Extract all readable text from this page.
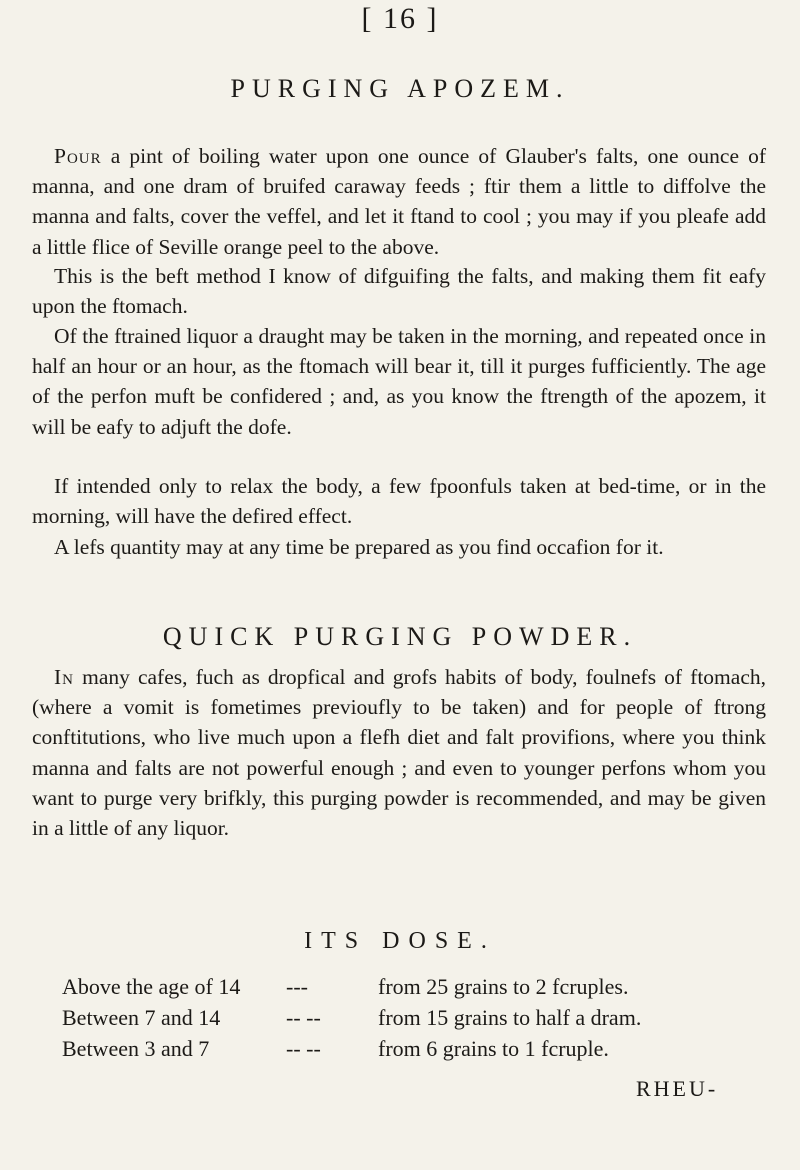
[ 16 ]
PURGING APOZEM.

Pour a pint of boiling water upon one ounce of Glauber's falts, one ounce of manna, and one dram of bruifed caraway feeds ; ftir them a little to diffolve the manna and falts, cover the veffel, and let it ftand to cool ; you may if you pleafe add a little flice of Seville orange peel to the above.

This is the beft method I know of difguifing the falts, and making them fit eafy upon the ftomach.

Of the ftrained liquor a draught may be taken in the morning, and repeated once in half an hour or an hour, as the ftomach will bear it, till it purges fufficiently. The age of the perfon muft be confidered ; and, as you know the ftrength of the apozem, it will be eafy to adjuft the dofe.

If intended only to relax the body, a few fpoonfuls taken at bed-time, or in the morning, will have the defired effect.

A lefs quantity may at any time be prepared as you find occafion for it.

QUICK PURGING POWDER.

In many cafes, fuch as dropfical and grofs habits of body, foulnefs of ftomach, (where a vomit is fometimes previoufly to be taken) and for people of ftrong conftitutions, who live much upon a flefh diet and falt provifions, where you think manna and falts are not powerful enough ; and even to younger perfons whom you want to purge very brifkly, this purging powder is recommended, and may be given in a little of any liquor.

ITS DOSE.
Above the age of 14	---	from 25 grains to 2 fcruples.
Between 7 and 14	-- --	from 15 grains to half a dram.
Between 3 and 7	-- --	from 6 grains to 1 fcruple.
RHEU-
